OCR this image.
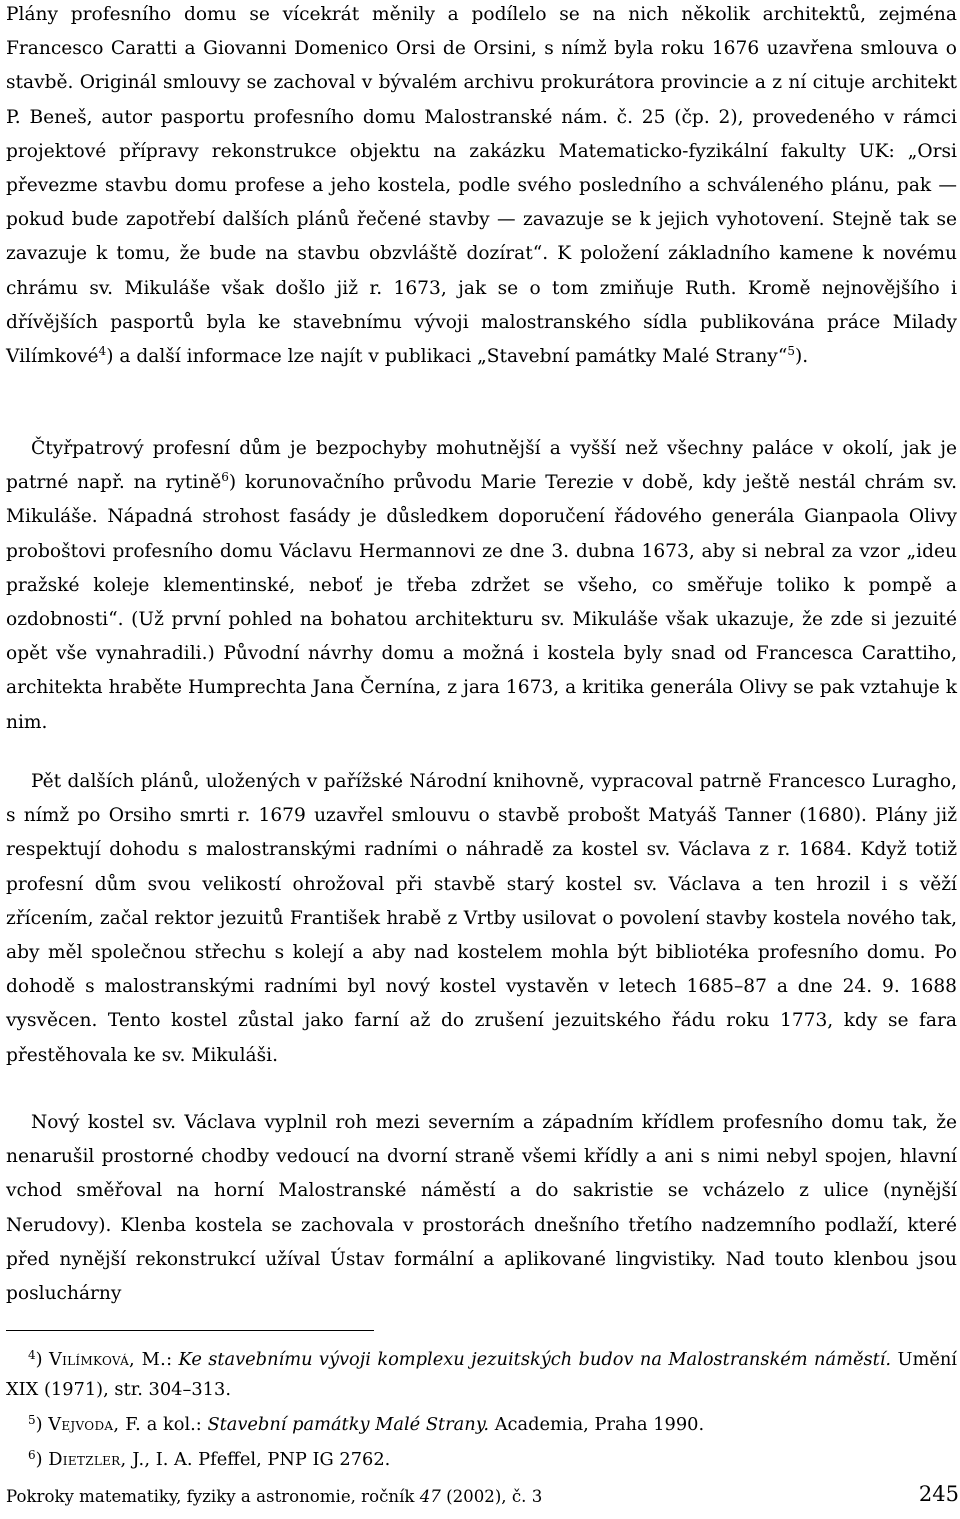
Plány profesního domu se vícekrát měnily a podílelo se na nich několik architektů, zejména Francesco Caratti a Giovanni Domenico Orsi de Orsini, s nímž byla roku 1676 uzavřena smlouva o stavbě. Originál smlouvy se zachoval v bývalém archivu prokurátora provincie a z ní cituje architekt P. Beneš, autor pasportu profesního domu Malostranské nám. č. 25 (čp. 2), provedeného v rámci projektové přípravy rekonstrukce objektu na zakázku Matematicko-fyzikální fakulty UK: „Orsi převezme stavbu domu profese a jeho kostela, podle svého posledního a schváleného plánu, pak — pokud bude zapotřebí dalších plánů řečené stavby — zavazuje se k jejich vyhotovení. Stejně tak se zavazuje k tomu, že bude na stavbu obzvláště dozírat“. K položení základního kamene k novému chrámu sv. Mikuláše však došlo již r. 1673, jak se o tom zmiňuje Ruth. Kromě nejnovějšího i dřívějších pasportů byla ke stavebnímu vývoji malostranského sídla publikována práce Milady Vilímkové$^4$) a další informace lze najít v publikaci „Stavební památky Malé Strany“$^5$).

Čtyřpatrový profesní dům je bezpochyby mohutnější a vyšší než všechny paláce v okolí, jak je patrné např. na rytině$^6$) korunovačního průvodu Marie Terezie v době, kdy ještě nestál chrám sv. Mikuláše. Nápadná strohost fasády je důsledkem doporučení řádového generála Gianpaola Olivy proboštovi profesního domu Václavu Hermannovi ze dne 3. dubna 1673, aby si nebral za vzor „ideu pražské koleje klementinské, neboť je třeba zdržet se všeho, co směřuje toliko k pompě a ozdobnosti“. (Už první pohled na bohatou architekturu sv. Mikuláše však ukazuje, že zde si jezuité opět vše vynahradili.) Původní návrhy domu a možná i kostela byly snad od Francesca Carattiho, architekta hraběte Humprechta Jana Černína, z jara 1673, a kritika generála Olivy se pak vztahuje k nim.

Pět dalších plánů, uložených v pařížské Národní knihovně, vypracoval patrně Francesco Luragho, s nímž po Orsiho smrti r. 1679 uzavřel smlouvu o stavbě probošt Matyáš Tanner (1680). Plány již respektují dohodu s malostranskými radními o náhradě za kostel sv. Václava z r. 1684. Když totiž profesní dům svou velikostí ohrožoval při stavbě starý kostel sv. Václava a ten hrozil i s věží zřícením, začal rektor jezuitů František hrabě z Vrtby usilovat o povolení stavby kostela nového tak, aby měl společnou střechu s kolejí a aby nad kostelem mohla být bibliotéka profesního domu. Po dohodě s malostranskými radními byl nový kostel vystavěn v letech 1685–87 a dne 24. 9. 1688 vysvěcen. Tento kostel zůstal jako farní až do zrušení jezuitského řádu roku 1773, kdy se fara přestěhovala ke sv. Mikuláši.

Nový kostel sv. Václava vyplnil roh mezi severním a západním křídlem profesního domu tak, že nenarušil prostorné chodby vedoucí na dvorní straně všemi křídly a ani s nimi nebyl spojen, hlavní vchod směřoval na horní Malostranské náměstí a do sakristie se vcházelo z ulice (nynější Nerudovy). Klenba kostela se zachovala v prostorách dnešního třetího nadzemního podlaží, které před nynější rekonstrukcí užíval Ústav formální a aplikované lingvistiky. Nad touto klenbou jsou posluchárny

$^4$) Vilímková, M.: Ke stavebnímu vývoji komplexu jezuitských budov na Malostranském náměstí. Umění XIX (1971), str. 304–313.

$^5$) Vejvoda, F. a kol.: Stavební památky Malé Strany. Academia, Praha 1990.

$^6$) Dietzler, J., I. A. Pfeffel, PNP IG 2762.

Pokroky matematiky, fyziky a astronomie, ročník 47 (2002), č. 3	245
